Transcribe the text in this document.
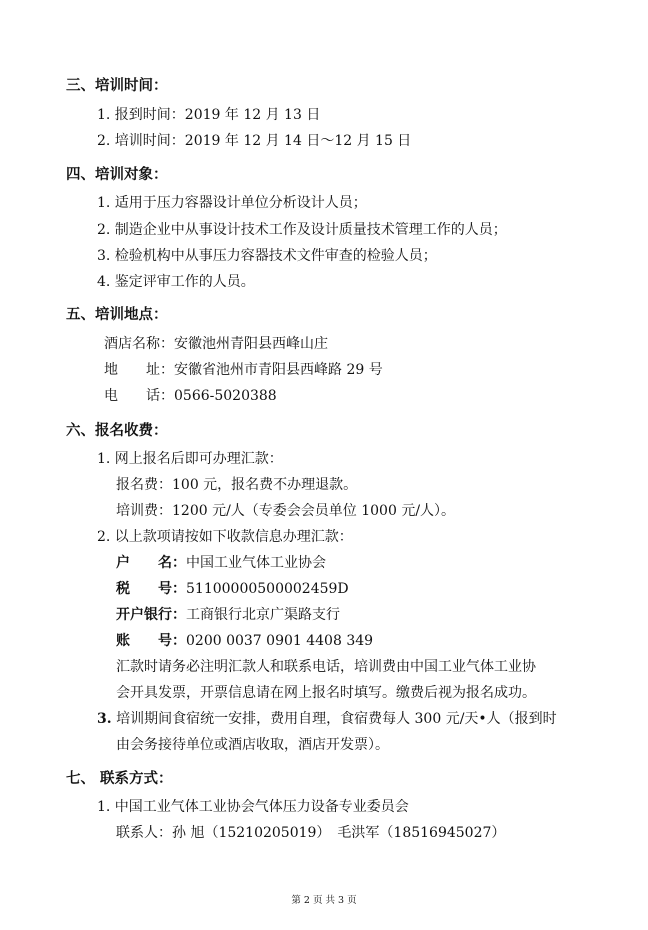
三、培训时间：
1. 报到时间：2019 年 12 月 13 日
2. 培训时间：2019 年 12 月 14 日～12 月 15 日
四、培训对象：
1. 适用于压力容器设计单位分析设计人员；
2. 制造企业中从事设计技术工作及设计质量技术管理工作的人员；
3. 检验机构中从事压力容器技术文件审查的检验人员；
4. 鉴定评审工作的人员。
五、培训地点：
酒店名称：安徽池州青阳县西峰山庄
地　　址：安徽省池州市青阳县西峰路 29 号
电　　话：0566-5020388
六、报名收费：
1. 网上报名后即可办理汇款：
报名费：100 元，报名费不办理退款。
培训费：1200 元/人（专委会会员单位 1000 元/人）。
2. 以上款项请按如下收款信息办理汇款：
户　　名：中国工业气体工业协会
税　　号：51100000500002459D
开户银行：工商银行北京广渠路支行
账　　号：0200 0037 0901 4408 349
汇款时请务必注明汇款人和联系电话，培训费由中国工业气体工业协
会开具发票，开票信息请在网上报名时填写。缴费后视为报名成功。
3. 培训期间食宿统一安排，费用自理，食宿费每人 300 元/天•人（报到时
由会务接待单位或酒店收取，酒店开发票）。
七、 联系方式：
1. 中国工业气体工业协会气体压力设备专业委员会
联系人：孙 旭（15210205019）　毛洪军（18516945027）
第 2 页 共 3 页
